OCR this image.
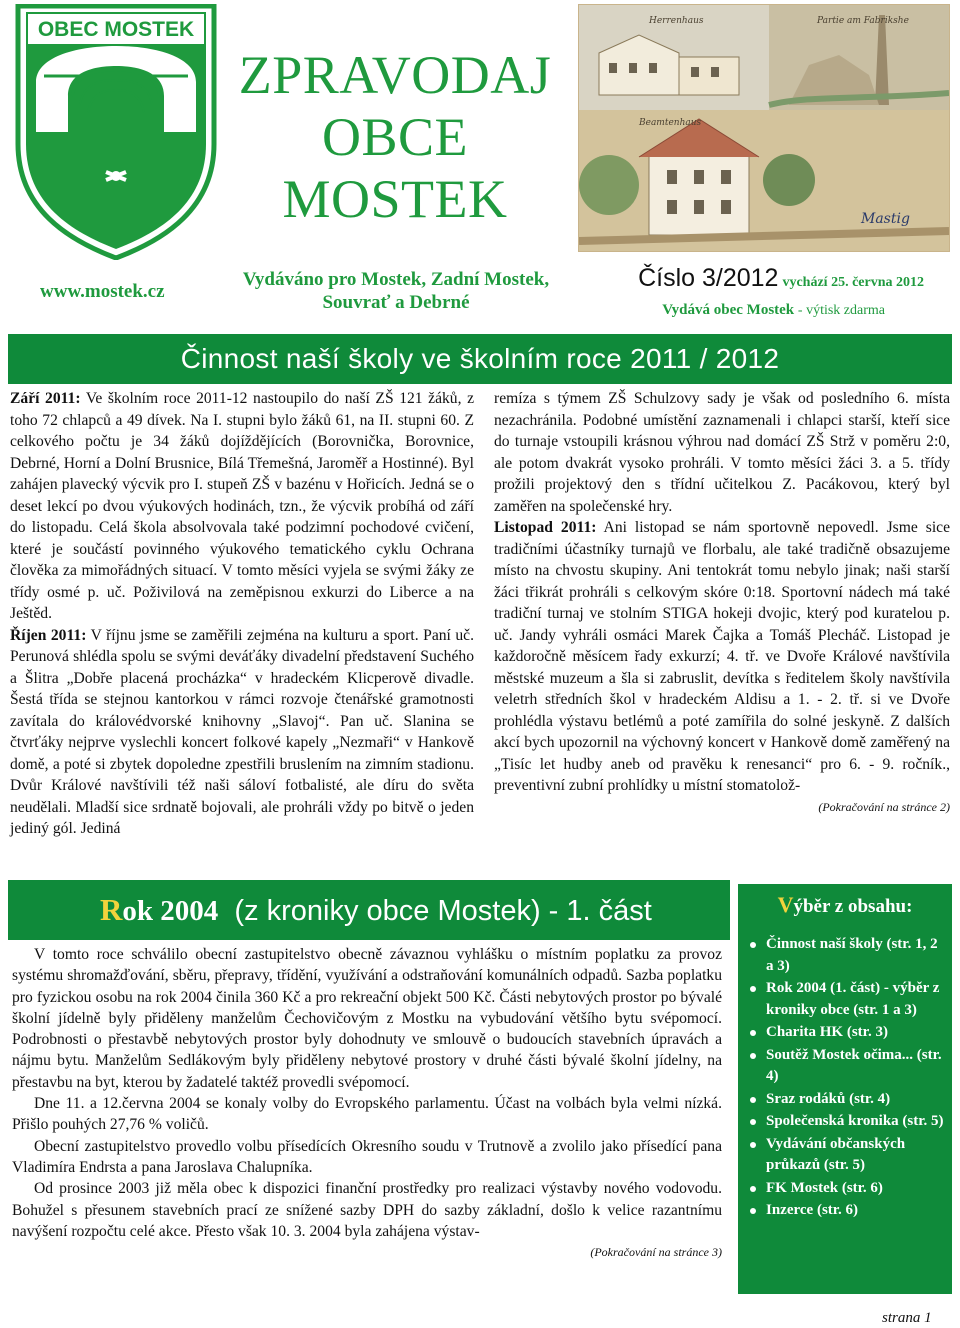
OBEC MOSTEK
ZPRAVODAJ
OBCE
MOSTEK
Herrenhaus	Partie am Fabrikshe
Beamtenhaus
Mastig
www.mostek.cz
Vydáváno pro Mostek, Zadní Mostek,
Souvrať a Debrné
Číslo 3/2012 vychází 25. června 2012
Vydává obec Mostek - výtisk zdarma
Činnost naší školy ve školním roce 2011 / 2012

Září 2011: Ve školním roce 2011-12 nastoupilo do naší ZŠ 121 žáků, z toho 72 chlapců a 49 dívek. Na I. stupni bylo žáků 61, na II. stupni 60. Z celkového počtu je 34 žáků dojíždějících (Borovnička, Borovnice, Debrné, Horní a Dolní Brusnice, Bílá Třemešná, Jaroměř a Hostinné). Byl zahájen plavecký výcvik pro I. stupeň ZŠ v bazénu v Hořicích. Jedná se o deset lekcí po dvou výukových hodinách, tzn., že výcvik probíhá od září do listopadu. Celá škola absolvovala také podzimní pochodové cvičení, které je součástí povinného výukového tematického cyklu Ochrana člověka za mimořádných situací. V tomto měsíci vyjela se svými žáky ze třídy osmé p. uč. Poživilová na zeměpisnou exkurzi do Liberce a na Ještěd.

Říjen 2011: V říjnu jsme se zaměřili zejména na kulturu a sport. Paní uč. Perunová shlédla spolu se svými deváťáky divadelní představení Suchého a Šlitra „Dobře placená procházka“ v hradeckém Klicperově divadle. Šestá třída se stejnou kantorkou v rámci rozvoje čtenářské gramotnosti zavítala do královédvorské knihovny „Slavoj“. Pan uč. Slanina se čtvrťáky nejprve vyslechli koncert folkové kapely „Nezmaři“ v Hankově domě, a poté si zbytek dopoledne zpestřili bruslením na zimním stadionu. Dvůr Králové navštívili též naši sáloví fotbalisté, ale díru do světa neudělali. Mladší sice srdnatě bojovali, ale prohráli vždy po bitvě o jeden jediný gól. Jediná

remíza s týmem ZŠ Schulzovy sady je však od posledního 6. místa nezachránila. Podobné umístění zaznamenali i chlapci starší, kteří sice do turnaje vstoupili krásnou výhrou nad domácí ZŠ Strž v poměru 2:0, ale potom dvakrát vysoko prohráli. V tomto měsíci žáci 3. a 5. třídy prožili projektový den s třídní učitelkou Z. Pacákovou, který byl zaměřen na společenské hry.

Listopad 2011: Ani listopad se nám sportovně nepovedl. Jsme sice tradičními účastníky turnajů ve florbalu, ale také tradičně obsazujeme místo na chvostu skupiny. Ani tentokrát tomu nebylo jinak; naši starší žáci třikrát prohráli s celkovým skóre 0:18. Sportovní nádech má také tradiční turnaj ve stolním STIGA hokeji dvojic, který pod kuratelou p. uč. Jandy vyhráli osmáci Marek Čajka a Tomáš Plecháč. Listopad je každoročně měsícem řady exkurzí; 4. tř. ve Dvoře Králové navštívila městské muzeum a šla si zabruslit, devítka s ředitelem školy navštívila veletrh středních škol v hradeckém Aldisu a 1. - 2. tř. si ve Dvoře prohlédla výstavu betlémů a poté zamířila do solné jeskyně. Z dalších akcí bych upozornil na výchovný koncert v Hankově domě zaměřený na „Tisíc let hudby aneb od pravěku k renesanci“ pro 6. - 9. ročník., preventivní zubní prohlídky u místní stomatolož-

(Pokračování na stránce 2)

Rok 2004 (z kroniky obce Mostek) - 1. část

V tomto roce schválilo obecní zastupitelstvo obecně závaznou vyhlášku o místním poplatku za provoz systému shromažďování, sběru, přepravy, třídění, využívání a odstraňování komunálních odpadů. Sazba poplatku pro fyzickou osobu na rok 2004 činila 360 Kč a pro rekreační objekt 500 Kč. Části nebytových prostor po bývalé školní jídelně byly přiděleny manželům Čechovičovým z Mostku na vybudování většího bytu svépomocí. Podrobnosti o přestavbě nebytových prostor byly dohodnuty ve smlouvě o budoucích stavebních úpravách a nájmu bytu. Manželům Sedlákovým byly přiděleny nebytové prostory v druhé části bývalé školní jídelny, na přestavbu na byt, kterou by žadatelé taktéž provedli svépomocí.

Dne 11. a 12.června 2004 se konaly volby do Evropského parlamentu. Účast na volbách byla velmi nízká. Přišlo pouhých 27,76 % voličů.

Obecní zastupitelstvo provedlo volbu přísedících Okresního soudu v Trutnově a zvolilo jako přísedící pana Vladimíra Endrsta a pana Jaroslava Chalupníka.

Od prosince 2003 již měla obec k dispozici finanční prostředky pro realizaci výstavby nového vodovodu. Bohužel s přesunem stavebních prací ze snížené sazby DPH do sazby základní, došlo k velice razantnímu navýšení rozpočtu celé akce. Přesto však 10. 3. 2004 byla zahájena výstav-

(Pokračování na stránce 3)

Výběr z obsahu:
Činnost naší školy (str. 1, 2 a 3)
Rok 2004 (1. část) - výběr z kroniky obce (str. 1 a 3)
Charita HK (str. 3)
Soutěž Mostek očima... (str. 4)
Sraz rodáků (str. 4)
Společenská kronika (str. 5)
Vydávání občanských průkazů (str. 5)
FK Mostek (str. 6)
Inzerce (str. 6)
strana 1
